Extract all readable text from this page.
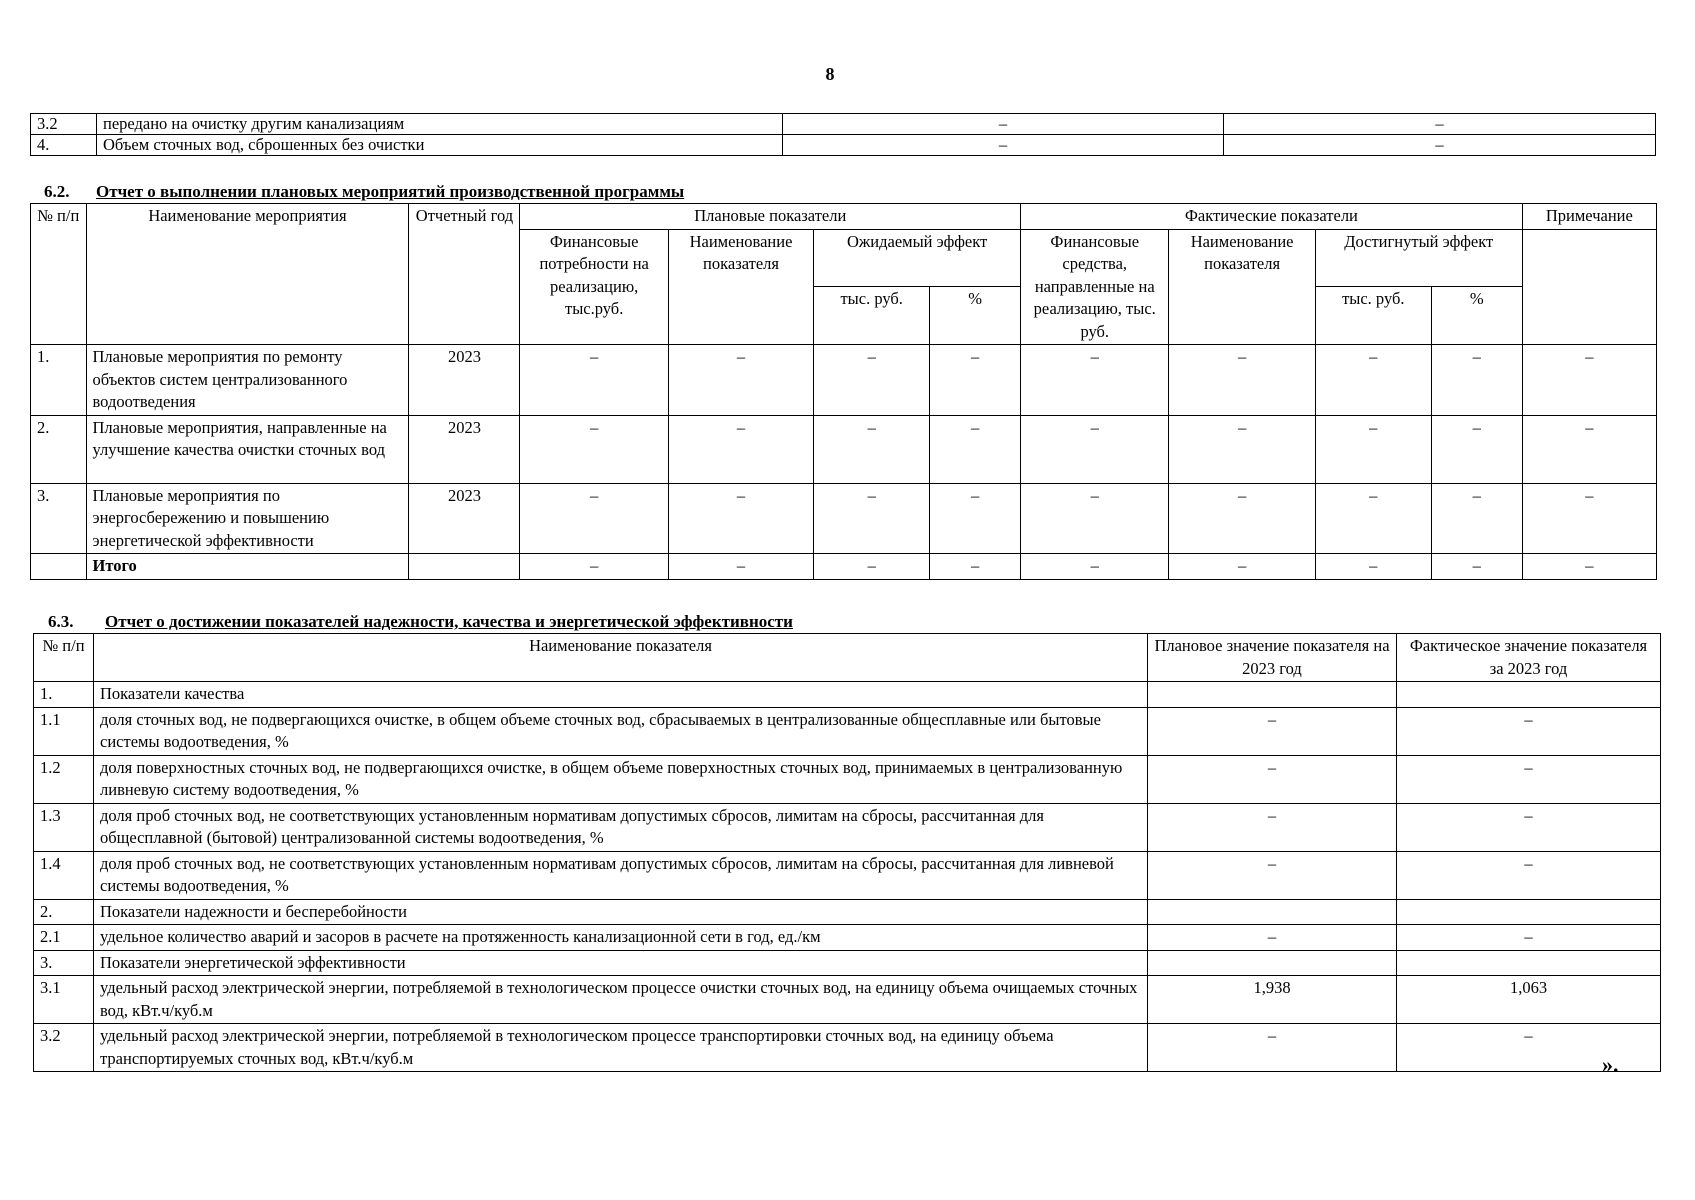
8
3.2	передано на очистку другим канализациям	–	–
4.	Объем сточных вод, сброшенных без очистки	–	–
6.2. Отчет о выполнении плановых мероприятий производственной программы
№ п/п	Наименование мероприятия	Отчетный год	Плановые показатели				Фактические показатели				Примечание
			Финансовые потребности на реализацию, тыс.руб.	Наименование показателя	Ожидаемый эффект		Финансовые средства, направленные на реализацию, тыс. руб.	Наименование показателя	Достигнутый эффект		
					тыс. руб.	%			тыс. руб.	%	
1.	Плановые мероприятия по ремонту объектов систем централизованного водоотведения	2023	–	–	–	–	–	–	–	–	–
2.	Плановые мероприятия, направленные на улучшение качества очистки сточных вод	2023	–	–	–	–	–	–	–	–	–
3.	Плановые мероприятия по энергосбережению и повышению энергетической эффективности	2023	–	–	–	–	–	–	–	–	–
	Итого		–	–	–	–	–	–	–	–	–
6.3. Отчет о достижении показателей надежности, качества и энергетической эффективности
№ п/п	Наименование показателя	Плановое значение показателя на 2023 год	Фактическое значение показателя за 2023 год
1.	Показатели качества		
1.1	доля сточных вод, не подвергающихся очистке, в общем объеме сточных вод, сбрасываемых в централизованные общесплавные или бытовые системы водоотведения, %	–	–
1.2	доля поверхностных сточных вод, не подвергающихся очистке, в общем объеме поверхностных сточных вод, принимаемых в централизованную ливневую систему водоотведения, %	–	–
1.3	доля проб сточных вод, не соответствующих установленным нормативам допустимых сбросов, лимитам на сбросы, рассчитанная для общесплавной (бытовой) централизованной системы водоотведения, %	–	–
1.4	доля проб сточных вод, не соответствующих установленным нормативам допустимых сбросов, лимитам на сбросы, рассчитанная для ливневой системы водоотведения, %	–	–
2.	Показатели надежности и бесперебойности		
2.1	удельное количество аварий и засоров в расчете на протяженность канализационной сети в год, ед./км	–	–
3.	Показатели энергетической эффективности		
3.1	удельный расход электрической энергии, потребляемой в технологическом процессе очистки сточных вод, на единицу объема очищаемых сточных вод, кВт.ч/куб.м	1,938	1,063
3.2	удельный расход электрической энергии, потребляемой в технологическом процессе транспортировки сточных вод, на единицу объема транспортируемых сточных вод, кВт.ч/куб.м	–	–
».
